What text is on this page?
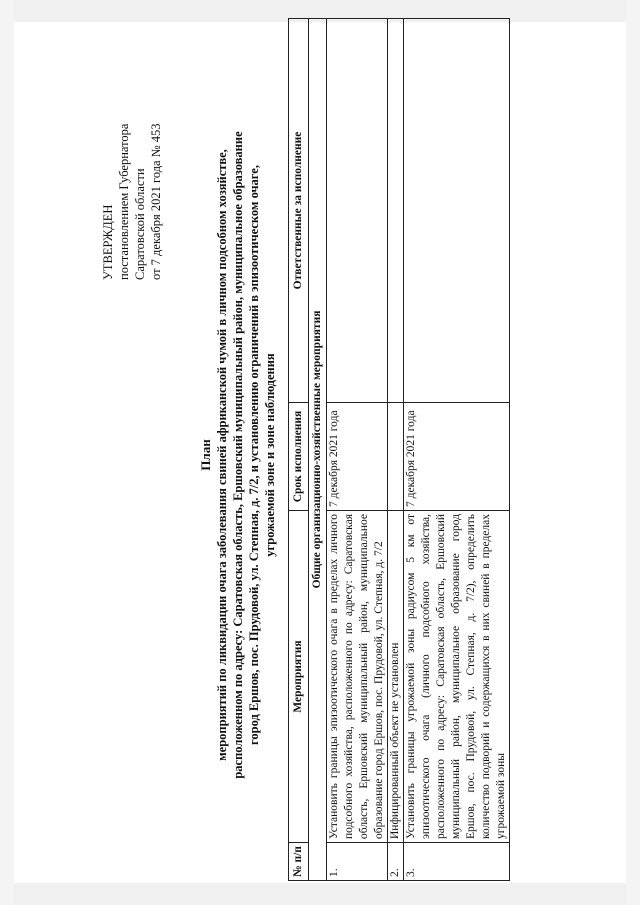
УТВЕРЖДЕН постановлением Губернатора Саратовской области от 7 декабря 2021 года № 453
План мероприятий по ликвидации очага заболевания свиней африканской чумой в личном подсобном хозяйстве, расположенном по адресу: Саратовская область, Ершовский муниципальный район, муниципальное образование город Ершов, пос. Прудовой, ул. Степная, д. 7/2, и установлению ограничений в эпизоотическом очаге, угрожаемой зоне и зоне наблюдения
№ п/п	Мероприятия	Срок исполнения	Ответственные за исполнение
Общие организационно-хозяйственные мероприятия			
1.	Установить границы эпизоотического очага в пределах личного подсобного хозяйства, расположенного по адресу: Саратовская область, Ершовский муниципальный район, муниципальное образование город Ершов, пос. Прудовой, ул. Степная, д. 7/2	7 декабря 2021 года	
2.	Инфицированный объект не установлен		
3.	Установить границы угрожаемой зоны радиусом 5 км от эпизоотического очага (личного подсобного хозяйства, расположенного по адресу: Саратовская область, Ершовский муниципальный район, муниципальное образование город Ершов, пос. Прудовой, ул. Степная, д. 7/2), определить количество подворий и содержащихся в них свиней в пределах угрожаемой зоны	7 декабря 2021 года	
